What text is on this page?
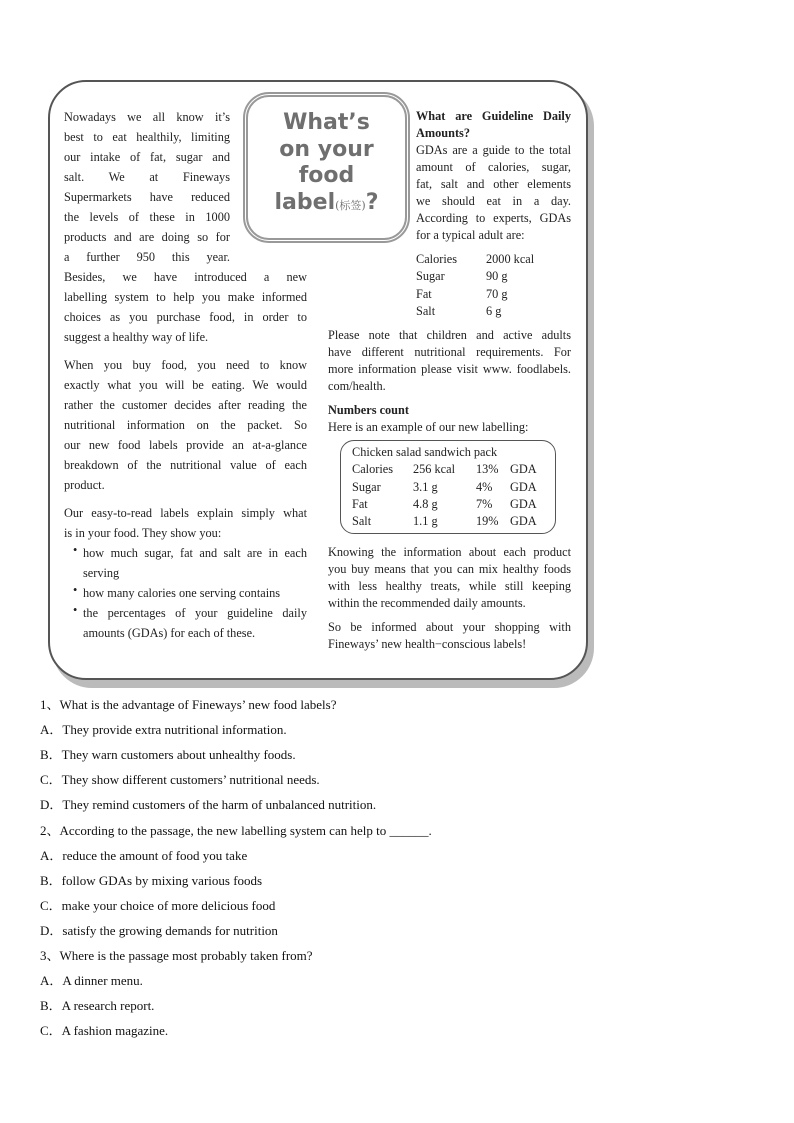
What’s
on your
food
label(标签)?
Nowadays we all know it’s
best to eat healthily, limiting
our intake of fat, sugar and
salt. We at Fineways
Supermarkets have reduced
the levels of these in 1000
products and are doing so for
a further 950 this year.
Besides, we have introduced a new
labelling system to help you make informed
choices as you purchase food, in order to
suggest a healthy way of life.
When you buy food, you need to know
exactly what you will be eating. We would
rather the customer decides after reading the
nutritional information on the packet. So
our new food labels provide an at-a-glance
breakdown of the nutritional value of each
product.
Our easy-to-read labels explain simply what
is in your food. They show you:
how much sugar, fat and salt are in each
serving
•
how many calories one serving contains
•
the percentages of your guideline daily
amounts (GDAs) for each of these.
•
What are Guideline Daily
Amounts?
GDAs are a guide to the total
amount of calories, sugar,
fat, salt and other elements
we should eat in a day.
According to experts, GDAs
for a typical adult are:
Calories 2000 kcal
Sugar	90 g
Fat	70 g
Salt	6 g
Please note that children and active adults
have different nutritional requirements. For
more information please visit www. foodlabels.
com/health.
Numbers count
Here is an example of our new labelling:
Chicken salad sandwich pack
Calories 256 kcal 13% GDA
Sugar	3.1 g	4% GDA
Fat	4.8 g	7% GDA
Salt	1.1 g	19% GDA
Knowing the information about each product
you buy means that you can mix healthy foods
with less healthy treats, while still keeping
within the recommended daily amounts.
So be informed about your shopping with
Fineways’ new health−conscious labels!
1、What is the advantage of Fineways’ new food labels?
A．They provide extra nutritional information.
B．They warn customers about unhealthy foods.
C．They show different customers’ nutritional needs.
D．They remind customers of the harm of unbalanced nutrition.
2、According to the passage, the new labelling system can help to ______.
A．reduce the amount of food you take
B．follow GDAs by mixing various foods
C．make your choice of more delicious food
D．satisfy the growing demands for nutrition
3、Where is the passage most probably taken from?
A．A dinner menu.
B．A research report.
C．A fashion magazine.
